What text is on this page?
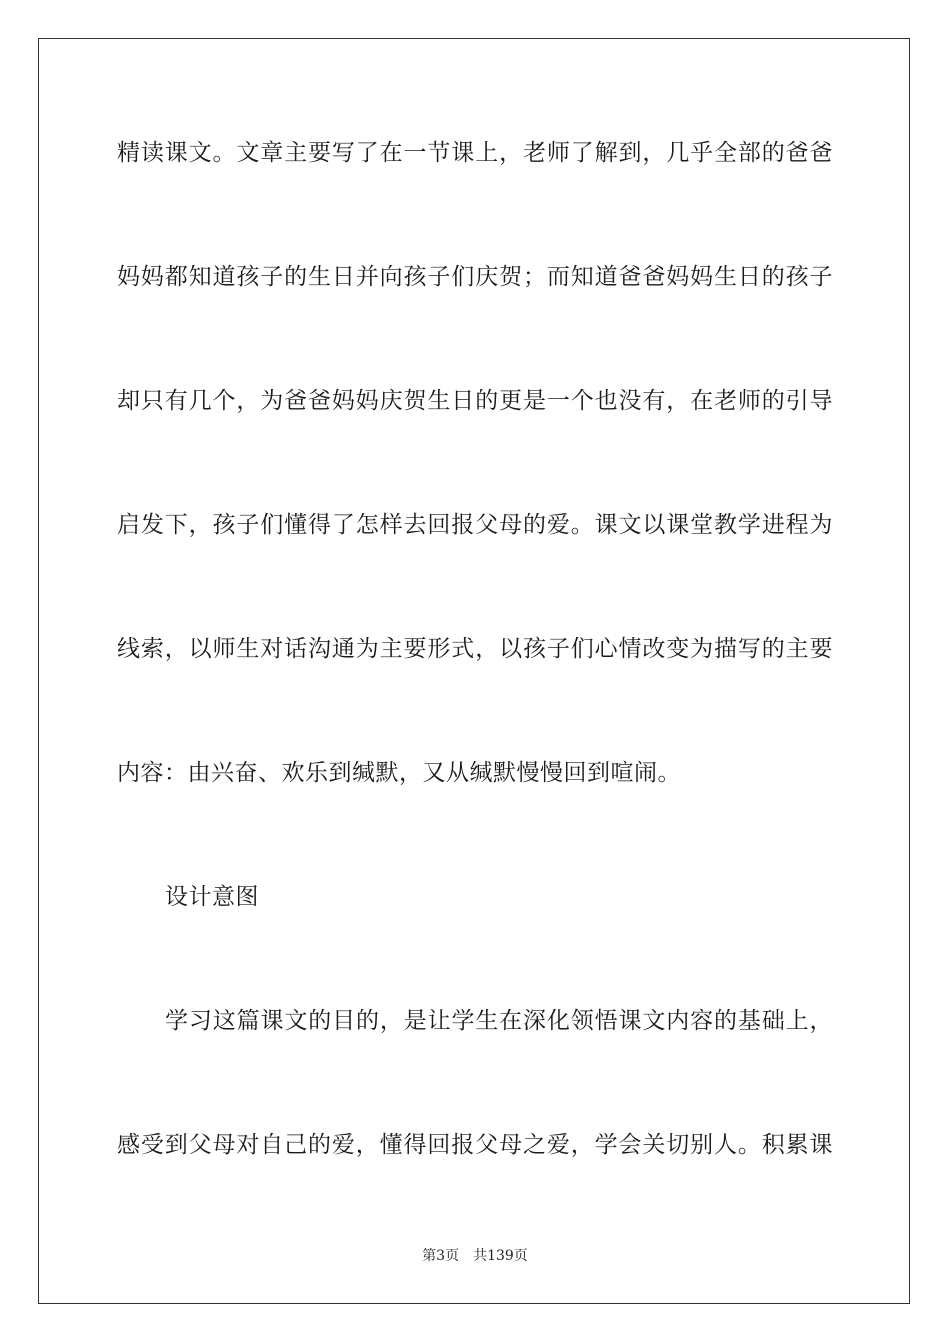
精读课文。文章主要写了在一节课上，老师了解到，几乎全部的爸爸
妈妈都知道孩子的生日并向孩子们庆贺；而知道爸爸妈妈生日的孩子
却只有几个，为爸爸妈妈庆贺生日的更是一个也没有，在老师的引导
启发下，孩子们懂得了怎样去回报父母的爱。课文以课堂教学进程为
线索，以师生对话沟通为主要形式，以孩子们心情改变为描写的主要
内容：由兴奋、欢乐到缄默，又从缄默慢慢回到喧闹。
设计意图
学习这篇课文的目的，是让学生在深化领悟课文内容的基础上，
感受到父母对自己的爱，懂得回报父母之爱，学会关切别人。积累课
第3页　共139页
